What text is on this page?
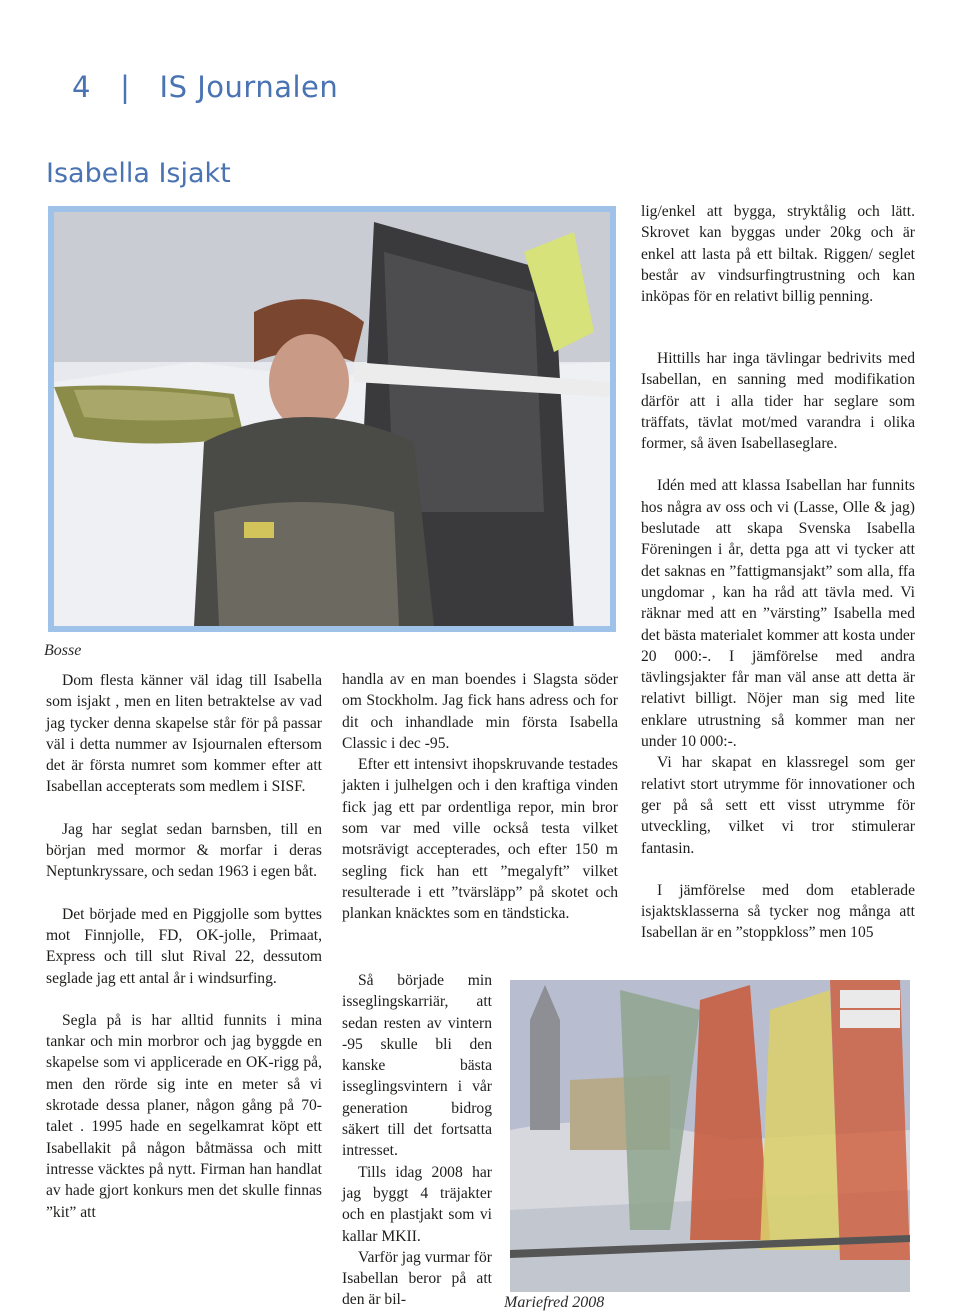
4 | IS Journalen
Isabella Isjakt
Bosse
Mariefred 2008

Dom flesta känner väl idag till Isabella som isjakt , men en liten betraktelse av vad jag tycker denna skapelse står för på passar väl i detta nummer av Isjournalen eftersom det är första numret som kommer efter att Isabellan accepterats som medlem i SISF.

Jag har seglat sedan barnsben, till en början med mormor & morfar i deras Neptunkryssare, och sedan 1963 i egen båt.

Det började med en Piggjolle som byttes mot Finnjolle, FD, OK-jolle, Primaat, Express och till slut Rival 22, dessutom seglade jag ett antal år i windsurfing.

Segla på is har alltid funnits i mina tankar och min morbror och jag byggde en skapelse som vi applicerade en OK-rigg på, men den rörde sig inte en meter så vi skrotade dessa planer, någon gång på 70-talet . 1995 hade en segelkamrat köpt ett Isabellakit på någon båtmässa och mitt intresse väcktes på nytt. Firman han handlat av hade gjort konkurs men det skulle finnas ”kit” att

handla av en man boendes i Slagsta söder om Stockholm. Jag fick hans adress och for dit och inhandlade min första Isabella Classic i dec -95.

Efter ett intensivt ihopskruvande testades jakten i julhelgen och i den kraftiga vinden fick jag ett par ordentliga repor, min bror som var med ville också testa vilket motsrävigt accepterades, och efter 150 m segling fick han ett ”megalyft” vilket resulterade i ett ”tvärsläpp” på skotet och plankan knäcktes som en tändsticka.

Så började min isseglingskarriär, att sedan resten av vintern -95 skulle bli den kanske bästa isseglingsvintern i vår generation bidrog säkert till det fortsatta intresset.

Tills idag 2008 har jag byggt 4 träjakter och en plastjakt som vi kallar MKII.

Varför jag vurmar för Isabellan beror på att den är bil-

lig/enkel att bygga, stryktålig och lätt. Skrovet kan byggas under 20kg och är enkel att lasta på ett biltak. Riggen/ seglet består av vindsurfingtrustning och kan inköpas för en relativt billig penning.

Hittills har inga tävlingar bedrivits med Isabellan, en sanning med modifikation därför att i alla tider har seglare som träffats, tävlat mot/med varandra i olika former, så även Isabellaseglare.

Idén med att klassa Isabellan har funnits hos några av oss och vi (Lasse, Olle & jag) beslutade att skapa Svenska Isabella Föreningen i år, detta pga att vi tycker att det saknas en ”fattigmansjakt” som alla, ffa ungdomar , kan ha råd att tävla med. Vi räknar med att en ”värsting” Isabella med det bästa materialet kommer att kosta under 20 000:-. I jämförelse med andra tävlingsjakter får man väl anse att detta är relativt billigt. Nöjer man sig med lite enklare utrustning så kommer man ner under 10 000:-.

Vi har skapat en klassregel som ger relativt stort utrymme för innovationer och ger på så sett ett visst utrymme för utveckling, vilket vi tror stimulerar fantasin.

I jämförelse med dom etablerade isjaktsklasserna så tycker nog många att Isabellan är en ”stoppkloss” men 105
